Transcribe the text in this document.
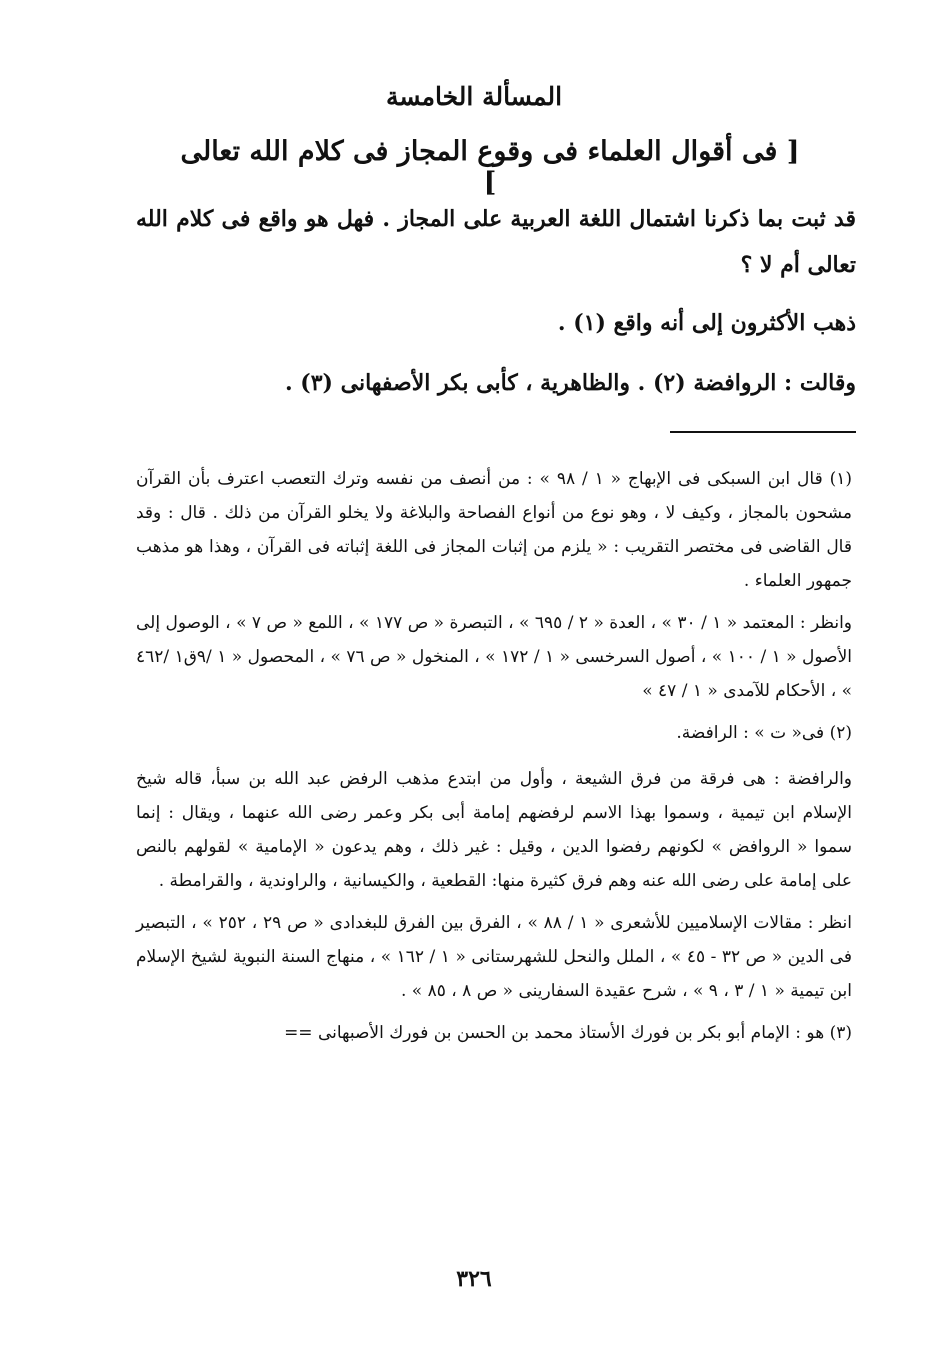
المسألة الخامسة
[ فى أقوال العلماء فى وقوع المجاز فى كلام الله تعالى ]

قد ثبت بما ذكرنا اشتمال اللغة العربية على المجاز . فهل هو واقع فى كلام الله تعالى أم لا ؟

ذهب الأكثرون إلى أنه واقع (١) .

وقالت : الروافضة (٢) . والظاهرية ، كأبى بكر الأصفهانى (٣) .

(١) قال ابن السبكى فى الإبهاج « ١ / ٩٨ » : من أنصف من نفسه وترك التعصب اعترف بأن القرآن مشحون بالمجاز ، وكيف لا ، وهو نوع من أنواع الفصاحة والبلاغة ولا يخلو القرآن من ذلك . قال : وقد قال القاضى فى مختصر التقريب : « يلزم من إثبات المجاز فى اللغة إثباته فى القرآن ، وهذا هو مذهب جمهور العلماء .

وانظر : المعتمد « ١ / ٣٠ » ، العدة « ٢ / ٦٩٥ » ، التبصرة « ص ١٧٧ » ، اللمع « ص ٧ » ، الوصول إلى الأصول « ١ / ١٠٠ » ، أصول السرخسى « ١ / ١٧٢ » ، المنخول « ص ٧٦ » ، المحصول « ١ /٩ق١ /٤٦٢ » ، الأحكام للآمدى « ١ / ٤٧ »

(٢) فى« ت » : الرافضة.

والرافضة : هى فرقة من فرق الشيعة ، وأول من ابتدع مذهب الرفض عبد الله بن سبأ، قاله شيخ الإسلام ابن تيمية ، وسموا بهذا الاسم لرفضهم إمامة أبى بكر وعمر رضى الله عنهما ، ويقال : إنما سموا « الروافض » لكونهم رفضوا الدين ، وقيل : غير ذلك ، وهم يدعون « الإمامية » لقولهم بالنص على إمامة على رضى الله عنه وهم فرق كثيرة منها: القطعية ، والكيسانية ، والراوندية ، والقرامطة .

انظر : مقالات الإسلاميين للأشعرى « ١ / ٨٨ » ، الفرق بين الفرق للبغدادى « ص ٢٩ ، ٢٥٢ » ، التبصير فى الدين « ص ٣٢ - ٤٥ » ، الملل والنحل للشهرستانى « ١ / ١٦٢ » ، منهاج السنة النبوية لشيخ الإسلام ابن تيمية « ١ / ٣ ، ٩ » ، شرح عقيدة السفارينى « ص ٨ ، ٨٥ » .

(٣) هو : الإمام أبو بكر بن فورك الأستاذ محمد بن الحسن بن فورك الأصبهانى ==

٣٢٦
